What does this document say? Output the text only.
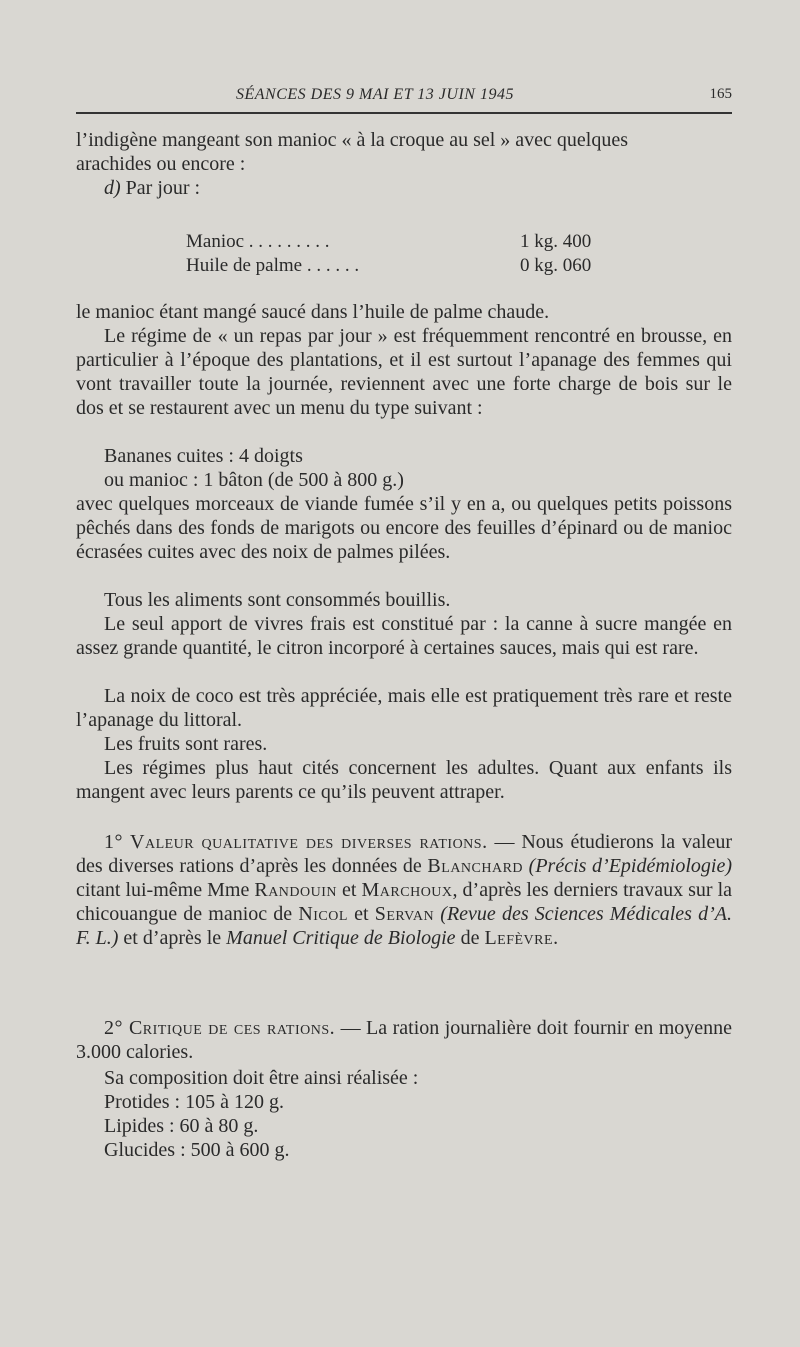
SÉANCES DES 9 MAI ET 13 JUIN 1945	165

l’indigène mangeant son manioc « à la croque au sel » avec quelques

arachides ou encore :

d) Par jour :

Manioc . . . . . . . . .	1 kg. 400
Huile de palme . . . . . .	0 kg. 060

le manioc étant mangé saucé dans l’huile de palme chaude.

Le régime de « un repas par jour » est fréquemment rencontré en brousse, en particulier à l’époque des plantations, et il est surtout l’apanage des femmes qui vont travailler toute la journée, reviennent avec une forte charge de bois sur le dos et se restaurent avec un menu du type suivant :

Bananes cuites : 4 doigts

ou manioc : 1 bâton (de 500 à 800 g.)

avec quelques morceaux de viande fumée s’il y en a, ou quelques petits poissons pêchés dans des fonds de marigots ou encore des feuilles d’épinard ou de manioc écrasées cuites avec des noix de palmes pilées.

Tous les aliments sont consommés bouillis.

Le seul apport de vivres frais est constitué par : la canne à sucre mangée en assez grande quantité, le citron incorporé à certaines sauces, mais qui est rare.

La noix de coco est très appréciée, mais elle est pratiquement très rare et reste l’apanage du littoral.

Les fruits sont rares.

Les régimes plus haut cités concernent les adultes. Quant aux enfants ils mangent avec leurs parents ce qu’ils peuvent attraper.

1° Valeur qualitative des diverses rations. — Nous étudierons la valeur des diverses rations d’après les données de Blanchard (Précis d’Epidémiologie) citant lui-même Mme Randouin et Marchoux, d’après les derniers travaux sur la chicouangue de manioc de Nicol et Servan (Revue des Sciences Médicales d’A. F. L.) et d’après le Manuel Critique de Biologie de Lefèvre.

2° Critique de ces rations. — La ration journalière doit fournir en moyenne 3.000 calories.

Sa composition doit être ainsi réalisée :

Protides : 105 à 120 g.

Lipides : 60 à 80 g.

Glucides : 500 à 600 g.
